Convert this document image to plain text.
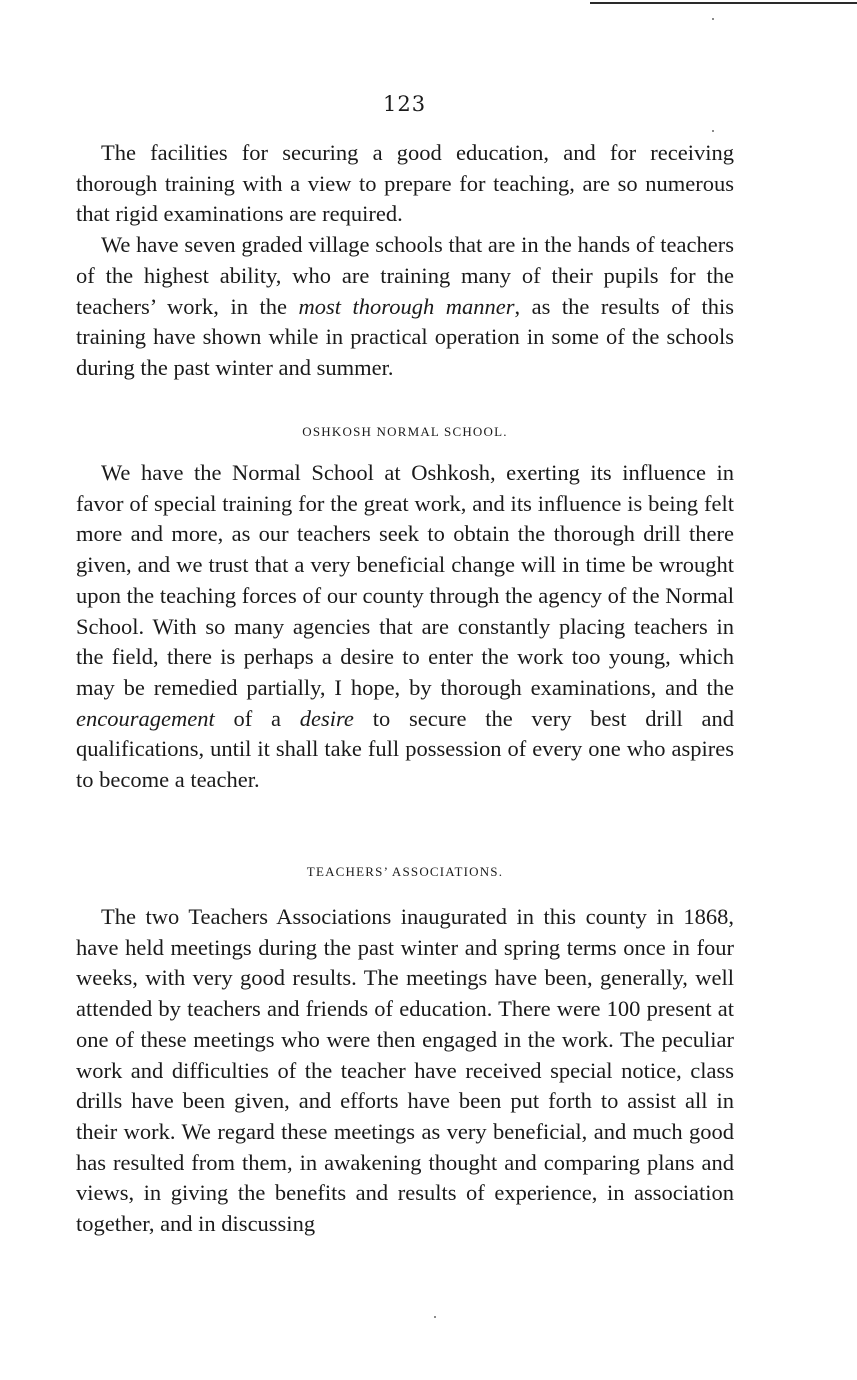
123

The facilities for securing a good education, and for receiving thorough training with a view to prepare for teaching, are so numerous that rigid examinations are required.

We have seven graded village schools that are in the hands of teachers of the highest ability, who are training many of their pupils for the teachers’ work, in the most thorough manner, as the results of this training have shown while in practical operation in some of the schools during the past winter and summer.

OSHKOSH NORMAL SCHOOL.

We have the Normal School at Oshkosh, exerting its influence in favor of special training for the great work, and its influence is being felt more and more, as our teachers seek to obtain the thorough drill there given, and we trust that a very beneficial change will in time be wrought upon the teaching forces of our county through the agency of the Normal School. With so many agencies that are constantly placing teachers in the field, there is perhaps a desire to enter the work too young, which may be remedied partially, I hope, by thorough examinations, and the encouragement of a desire to secure the very best drill and qualifications, until it shall take full possession of every one who aspires to become a teacher.

TEACHERS’ ASSOCIATIONS.

The two Teachers Associations inaugurated in this county in 1868, have held meetings during the past winter and spring terms once in four weeks, with very good results. The meetings have been, generally, well attended by teachers and friends of education. There were 100 present at one of these meetings who were then engaged in the work. The peculiar work and difficulties of the teacher have received special notice, class drills have been given, and efforts have been put forth to assist all in their work. We regard these meetings as very beneficial, and much good has resulted from them, in awakening thought and comparing plans and views, in giving the benefits and results of experience, in association together, and in discussing
